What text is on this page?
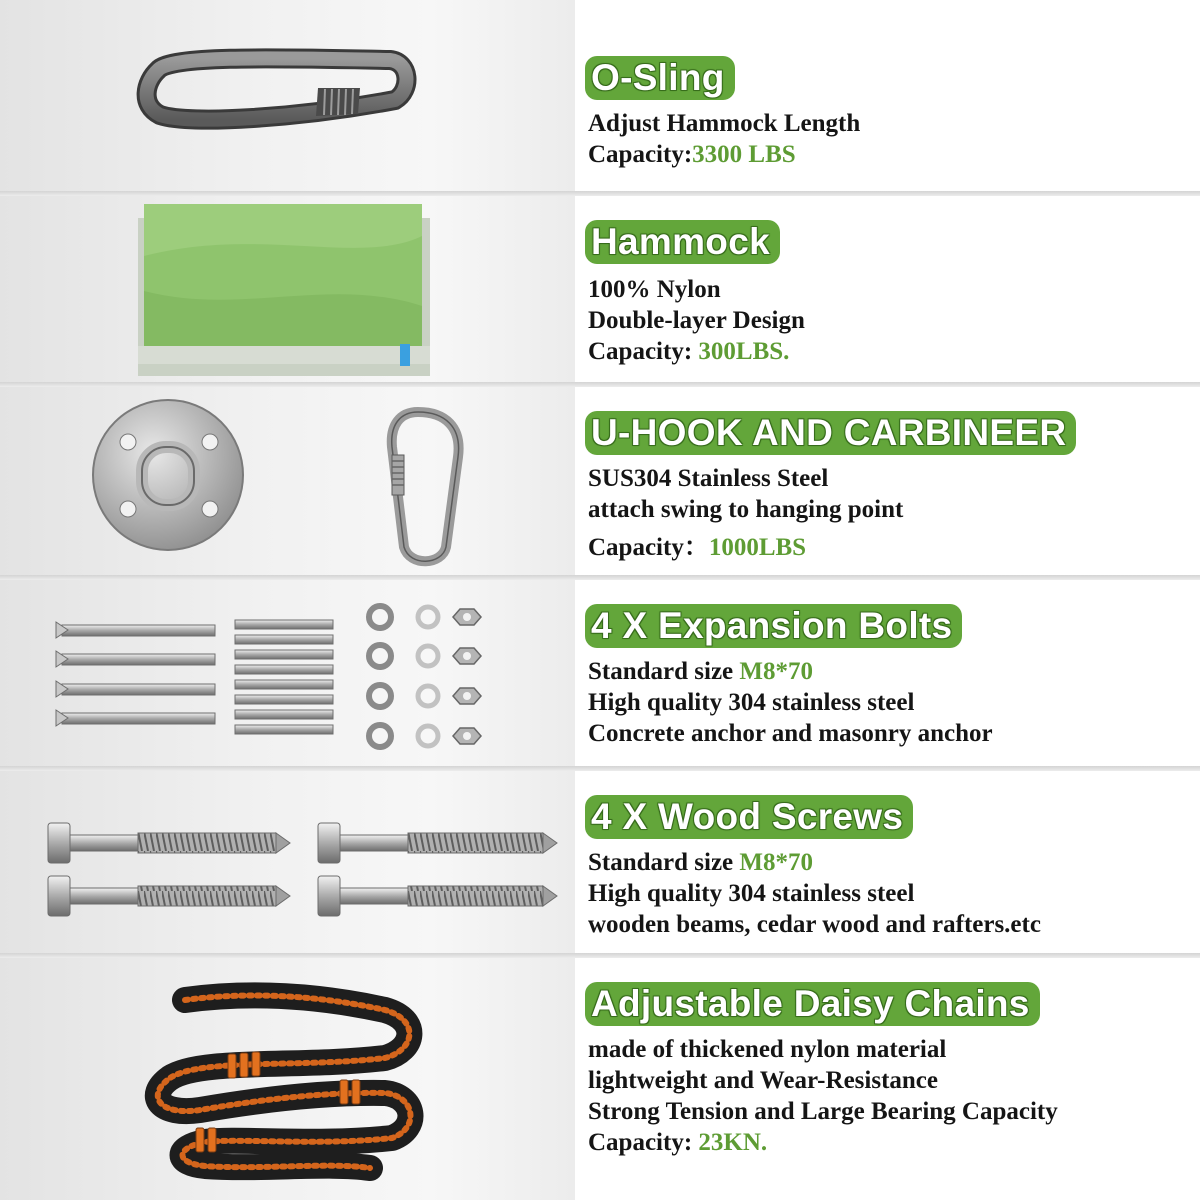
O-Sling
Adjust Hammock Length
Capacity:3300 LBS
Hammock
100% Nylon
Double-layer Design
Capacity: 300LBS.
U-HOOK AND CARBINEER
SUS304 Stainless Steel
attach swing to hanging point
Capacity：1000LBS
4 X Expansion Bolts
Standard size M8*70
High quality 304 stainless steel
Concrete anchor and masonry anchor
4 X Wood Screws
Standard size M8*70
High quality 304 stainless steel
wooden beams, cedar wood and rafters.etc
Adjustable Daisy Chains
made of thickened nylon material
lightweight and Wear-Resistance
Strong Tension and Large Bearing Capacity
Capacity: 23KN.
